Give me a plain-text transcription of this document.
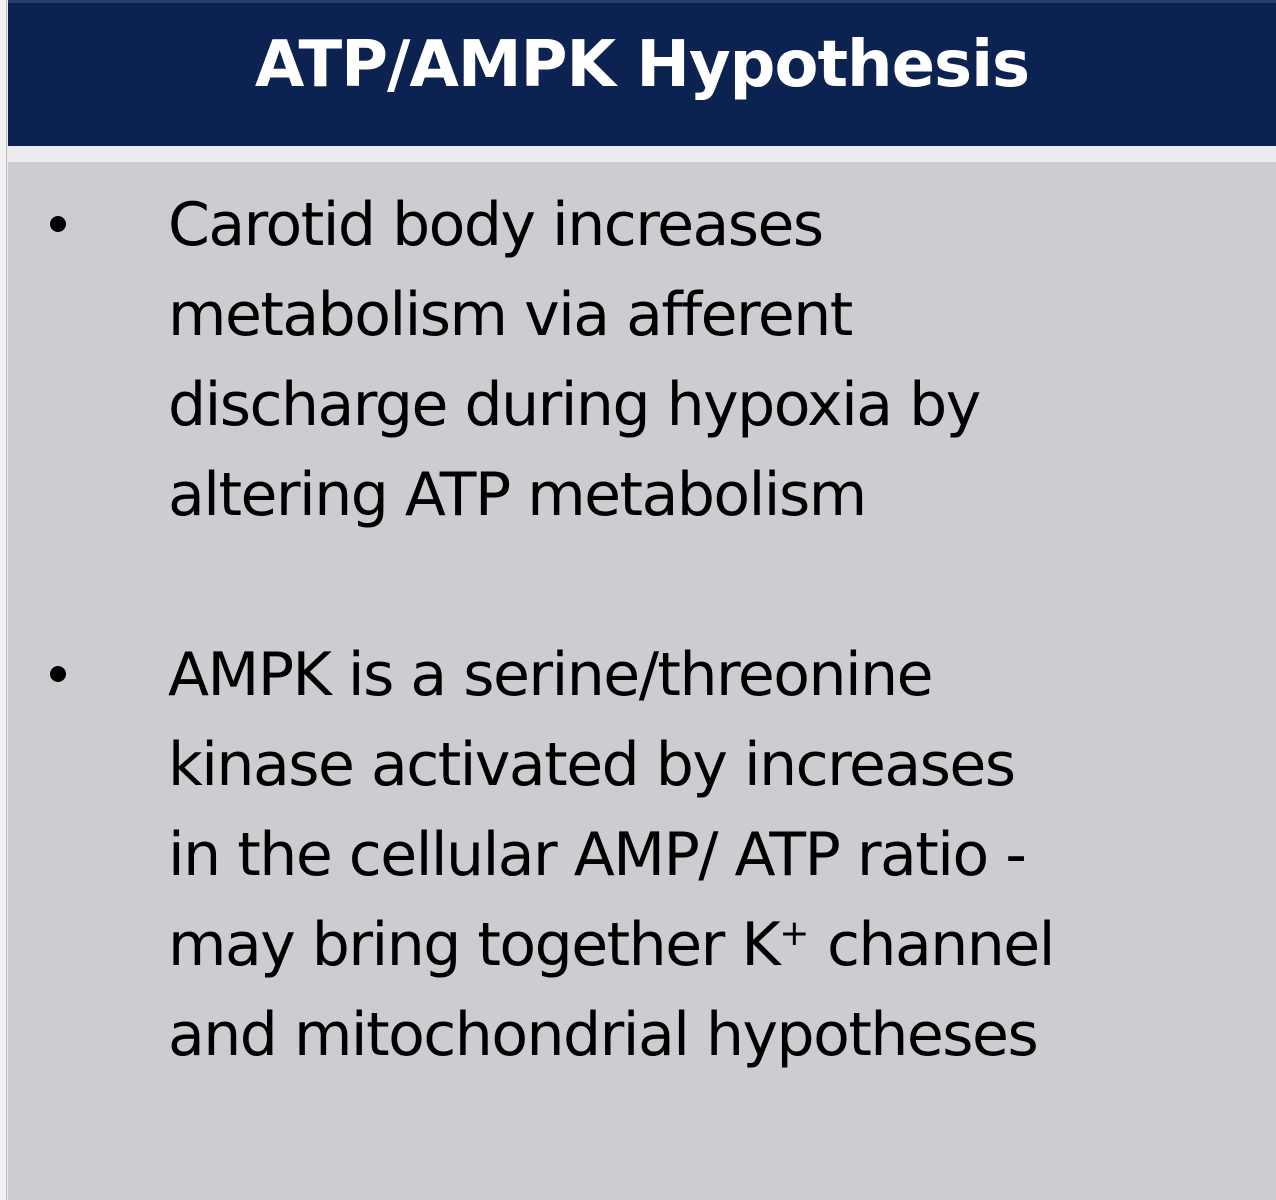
ATP/AMPK Hypothesis

Carotid body increases
metabolism via afferent
discharge during hypoxia by
altering ATP metabolism

AMPK is a serine/threonine
kinase activated by increases
in the cellular AMP/ ATP ratio -
may bring together K+ channel
and mitochondrial hypotheses
